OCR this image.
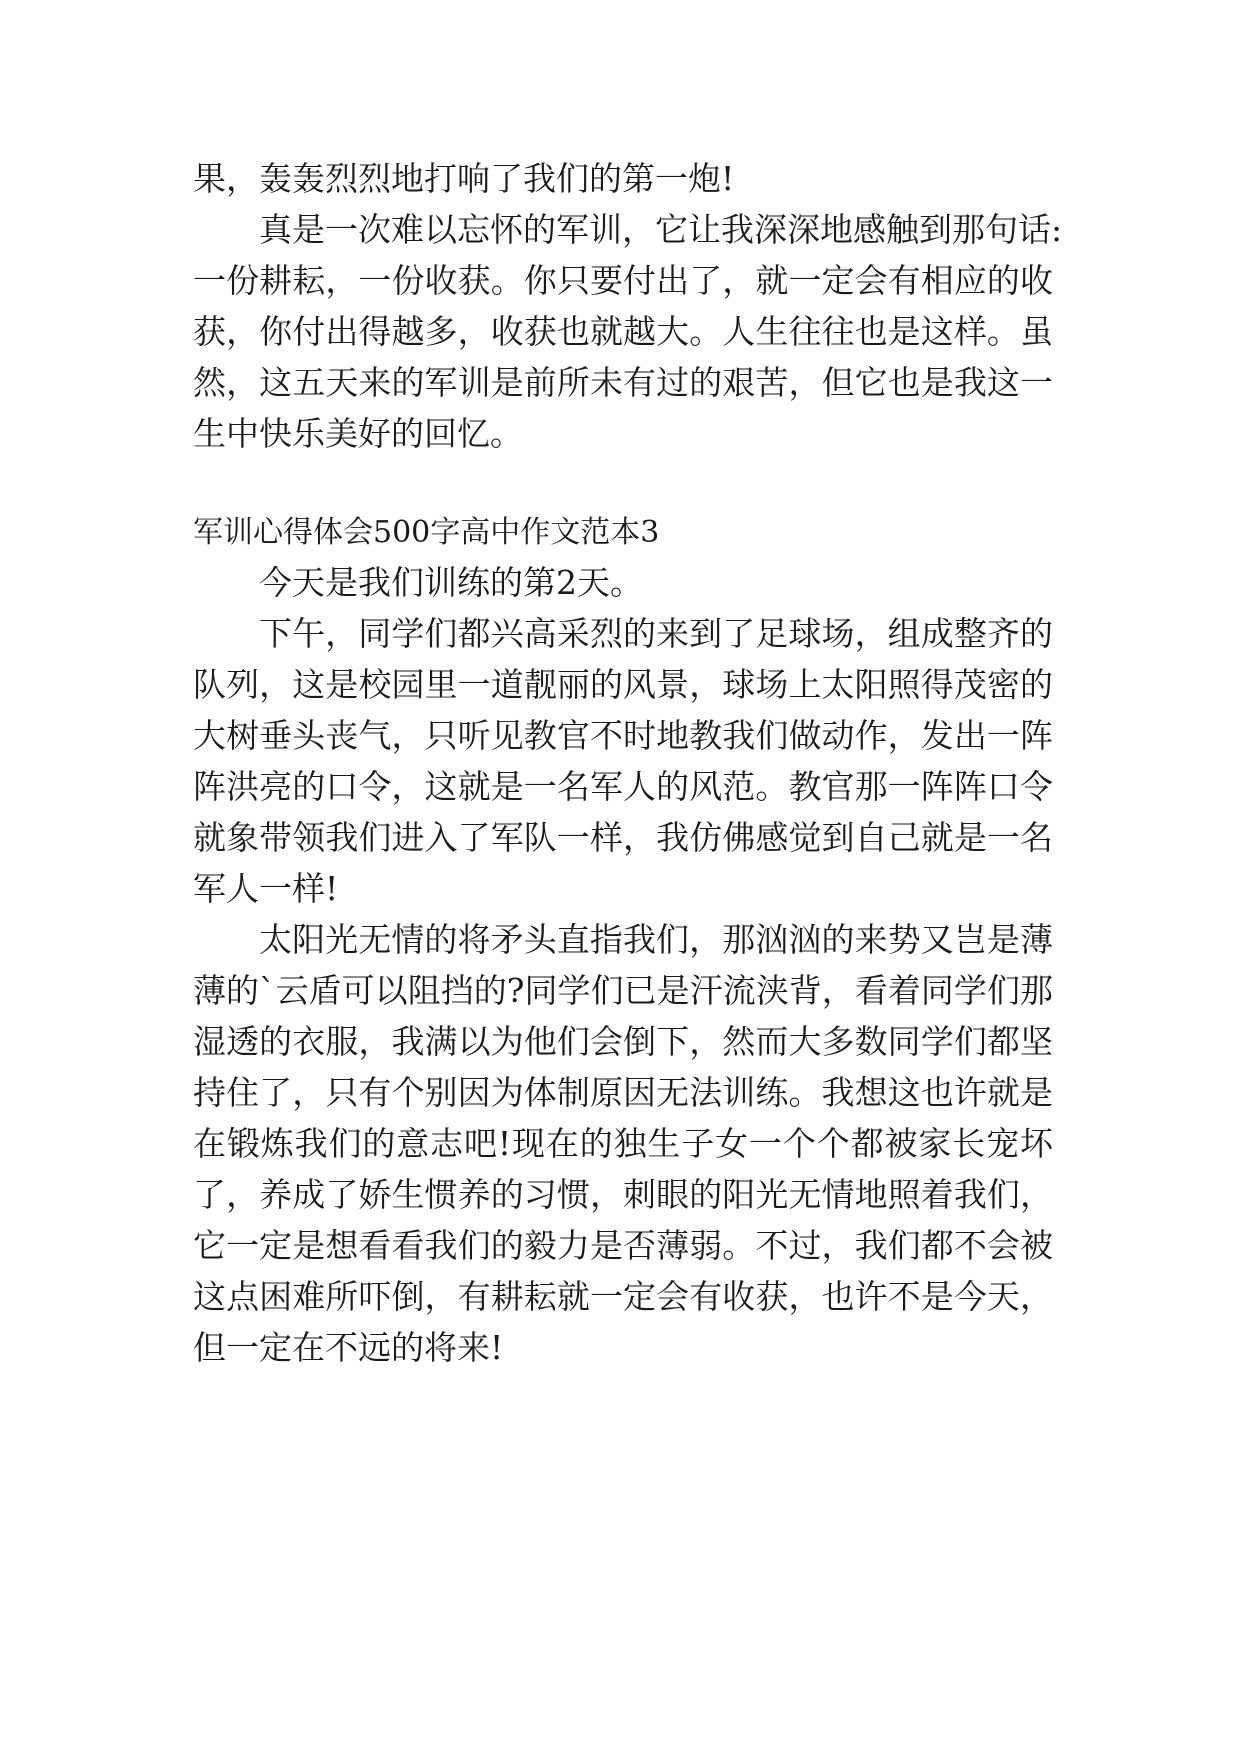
果，轰轰烈烈地打响了我们的第一炮!
真是一次难以忘怀的军训，它让我深深地感触到那句话:
一份耕耘，一份收获。你只要付出了，就一定会有相应的收
获，你付出得越多，收获也就越大。人生往往也是这样。虽
然，这五天来的军训是前所未有过的艰苦，但它也是我这一
生中快乐美好的回忆。
军训心得体会500字高中作文范本3
今天是我们训练的第2天。
下午，同学们都兴高采烈的来到了足球场，组成整齐的
队列，这是校园里一道靓丽的风景，球场上太阳照得茂密的
大树垂头丧气，只听见教官不时地教我们做动作，发出一阵
阵洪亮的口令，这就是一名军人的风范。教官那一阵阵口令
就象带领我们进入了军队一样，我仿佛感觉到自己就是一名
军人一样!
太阳光无情的将矛头直指我们，那汹汹的来势又岂是薄
薄的`云盾可以阻挡的?同学们已是汗流浃背，看着同学们那
湿透的衣服，我满以为他们会倒下，然而大多数同学们都坚
持住了，只有个别因为体制原因无法训练。我想这也许就是
在锻炼我们的意志吧!现在的独生子女一个个都被家长宠坏
了，养成了娇生惯养的习惯，刺眼的阳光无情地照着我们，
它一定是想看看我们的毅力是否薄弱。不过，我们都不会被
这点困难所吓倒，有耕耘就一定会有收获，也许不是今天，
但一定在不远的将来!
